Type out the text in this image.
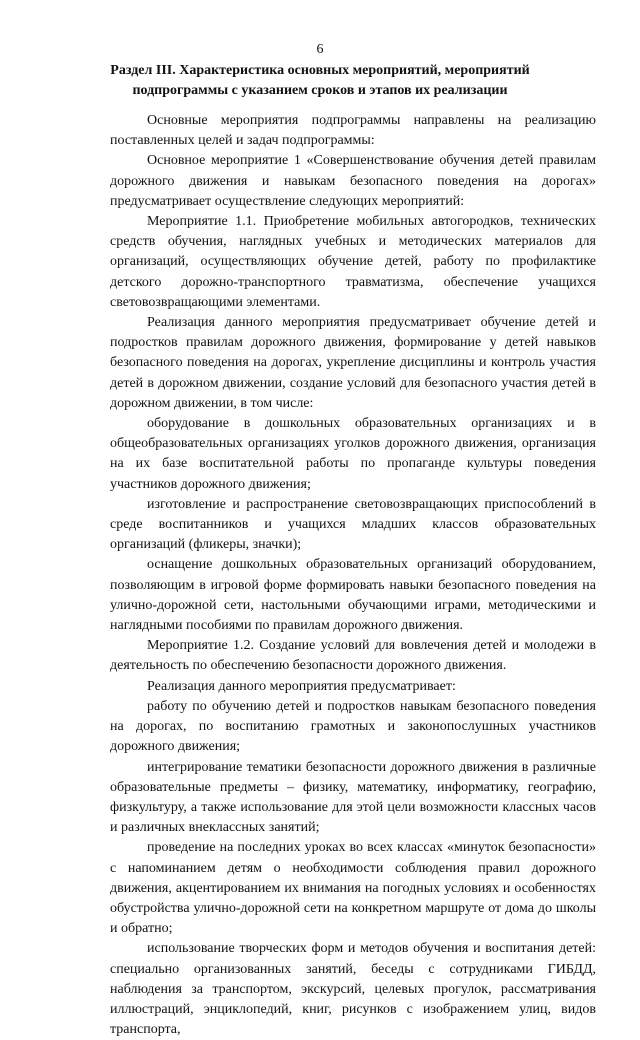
6
Раздел III. Характеристика основных мероприятий, мероприятий подпрограммы с указанием сроков и этапов их реализации

Основные мероприятия подпрограммы направлены на реализацию поставленных целей и задач подпрограммы:

Основное мероприятие 1 «Совершенствование обучения детей правилам дорожного движения и навыкам безопасного поведения на дорогах» предусматривает осуществление следующих мероприятий:

Мероприятие 1.1. Приобретение мобильных автогородков, технических средств обучения, наглядных учебных и методических материалов для организаций, осуществляющих обучение детей, работу по профилактике детского дорожно-транспортного травматизма, обеспечение учащихся световозвращающими элементами.

Реализация данного мероприятия предусматривает обучение детей и подростков правилам дорожного движения, формирование у детей навыков безопасного поведения на дорогах, укрепление дисциплины и контроль участия детей в дорожном движении, создание условий для безопасного участия детей в дорожном движении, в том числе:

оборудование в дошкольных образовательных организациях и в общеобразовательных организациях уголков дорожного движения, организация на их базе воспитательной работы по пропаганде культуры поведения участников дорожного движения;

изготовление и распространение световозвращающих приспособлений в среде воспитанников и учащихся младших классов образовательных организаций (фликеры, значки);

оснащение дошкольных образовательных организаций оборудованием, позволяющим в игровой форме формировать навыки безопасного поведения на улично-дорожной сети, настольными обучающими играми, методическими и наглядными пособиями по правилам дорожного движения.

Мероприятие 1.2. Создание условий для вовлечения детей и молодежи в деятельность по обеспечению безопасности дорожного движения.

Реализация данного мероприятия предусматривает:

работу по обучению детей и подростков навыкам безопасного поведения на дорогах, по воспитанию грамотных и законопослушных участников дорожного движения;

интегрирование тематики безопасности дорожного движения в различные образовательные предметы – физику, математику, информатику, географию, физкультуру, а также использование для этой цели возможности классных часов и различных внеклассных занятий;

проведение на последних уроках во всех классах «минуток безопасности» с напоминанием детям о необходимости соблюдения правил дорожного движения, акцентированием их внимания на погодных условиях и особенностях обустройства улично-дорожной сети на конкретном маршруте от дома до школы и обратно;

использование творческих форм и методов обучения и воспитания детей: специально организованных занятий, беседы с сотрудниками ГИБДД, наблюдения за транспортом, экскурсий, целевых прогулок, рассматривания иллюстраций, энциклопедий, книг, рисунков с изображением улиц, видов транспорта,
